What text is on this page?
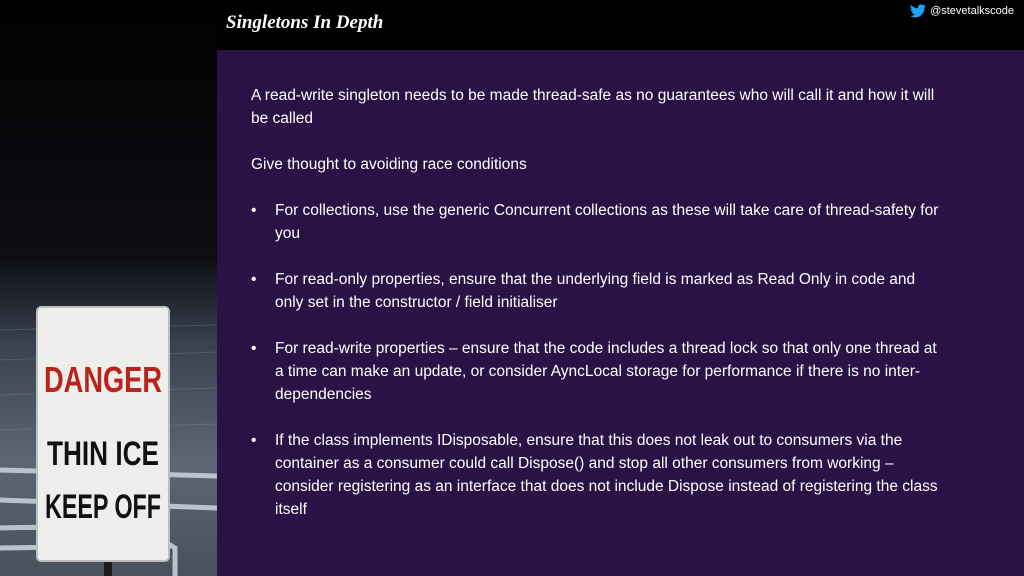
DANGER
THIN ICE
KEEP OFF
Singletons In Depth
@stevetalkscode

A read-write singleton needs to be made thread-safe as no guarantees who will call it and how it will be called

Give thought to avoiding race conditions

• For collections, use the generic Concurrent collections as these will take care of thread-safety for you
• For read-only properties, ensure that the underlying field is marked as Read Only in code and only set in the constructor / field initialiser
• For read-write properties – ensure that the code includes a thread lock so that only one thread at a time can make an update, or consider AyncLocal storage for performance if there is no inter-dependencies
• If the class implements IDisposable, ensure that this does not leak out to consumers via the container as a consumer could call Dispose() and stop all other consumers from working – consider registering as an interface that does not include Dispose instead of registering the class itself
